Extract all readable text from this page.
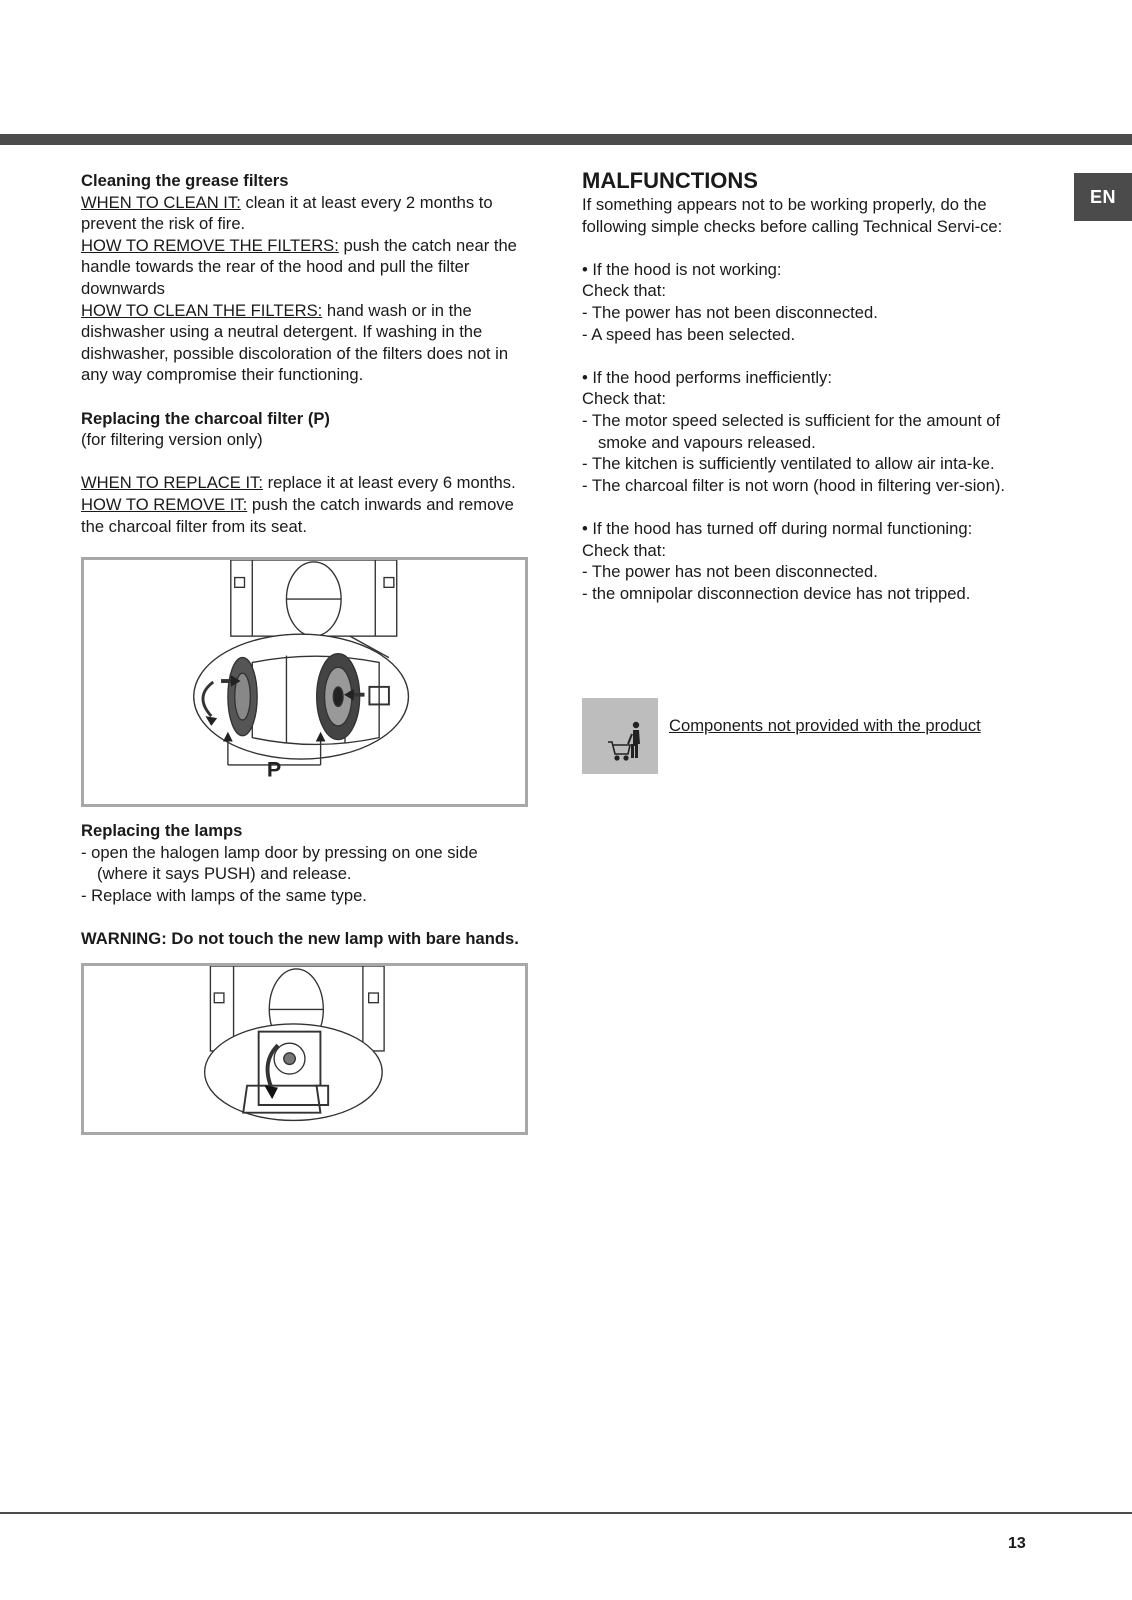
EN

Cleaning the grease filters

WHEN TO CLEAN IT: clean it at least every 2 months to prevent the risk of fire.

HOW TO REMOVE THE FILTERS: push the catch near the handle towards the rear of the hood and pull the filter downwards

HOW TO CLEAN THE FILTERS: hand wash or in the dishwasher using a neutral detergent. If washing in the dishwasher, possible discoloration of the filters does not in any way compromise their functioning.

Replacing the charcoal filter (P)

(for filtering version only)

WHEN TO REPLACE IT: replace it at least every 6 months.

HOW TO REMOVE IT: push the catch inwards and remove the charcoal filter from its seat.

P

Replacing the lamps

- open the halogen lamp door by pressing on one side (where it says PUSH) and release.

- Replace with lamps of the same type.

WARNING: Do not touch the new lamp with bare hands.

MALFUNCTIONS

If something appears not to be working properly, do the following simple checks before calling Technical Servi-ce:

• If the hood is not working:

Check that:

- The power has not been disconnected.

- A speed has been selected.

• If the hood performs inefficiently:

Check that:

- The motor speed selected is sufficient for the amount of smoke and vapours released.

- The kitchen is sufficiently ventilated to allow air inta-ke.

- The charcoal filter is not worn (hood in filtering ver-sion).

• If the hood has turned off during normal functioning:

Check that:

- The power has not been disconnected.

- the omnipolar disconnection device has not tripped.

Components not provided with the product
13
